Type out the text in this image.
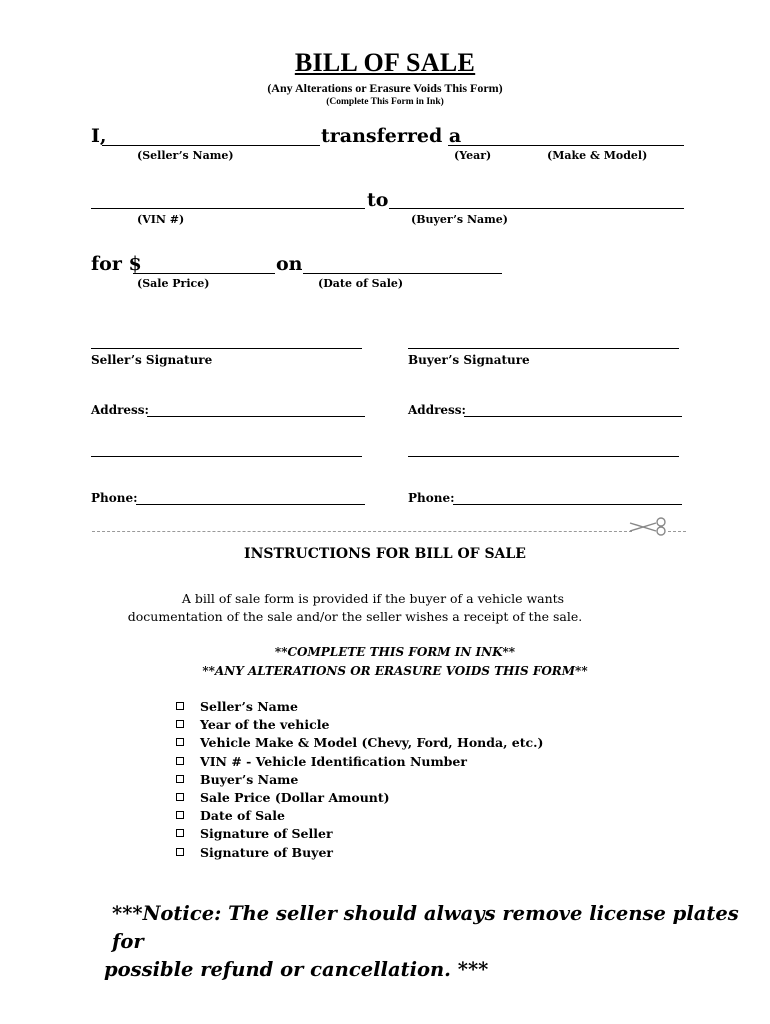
BILL OF SALE
(Any Alterations or Erasure Voids This Form)
(Complete This Form in Ink)
I,	transferred a
(Seller’s Name)	(Year)	(Make & Model)
to
(VIN #)	(Buyer’s Name)
for $	on
(Sale Price)	(Date of Sale)
Seller’s Signature	Buyer’s Signature
Address:	Address:
Phone:	Phone:
INSTRUCTIONS FOR BILL OF SALE
A bill of sale form is provided if the buyer of a vehicle wants
documentation of the sale and/or the seller wishes a receipt of the sale.
**COMPLETE THIS FORM IN INK**
**ANY ALTERATIONS OR ERASURE VOIDS THIS FORM**
Seller’s Name
Year of the vehicle
Vehicle Make & Model (Chevy, Ford, Honda, etc.)
VIN # - Vehicle Identification Number
Buyer’s Name
Sale Price (Dollar Amount)
Date of Sale
Signature of Seller
Signature of Buyer
***Notice: The seller should always remove license plates for
possible refund or cancellation. ***
